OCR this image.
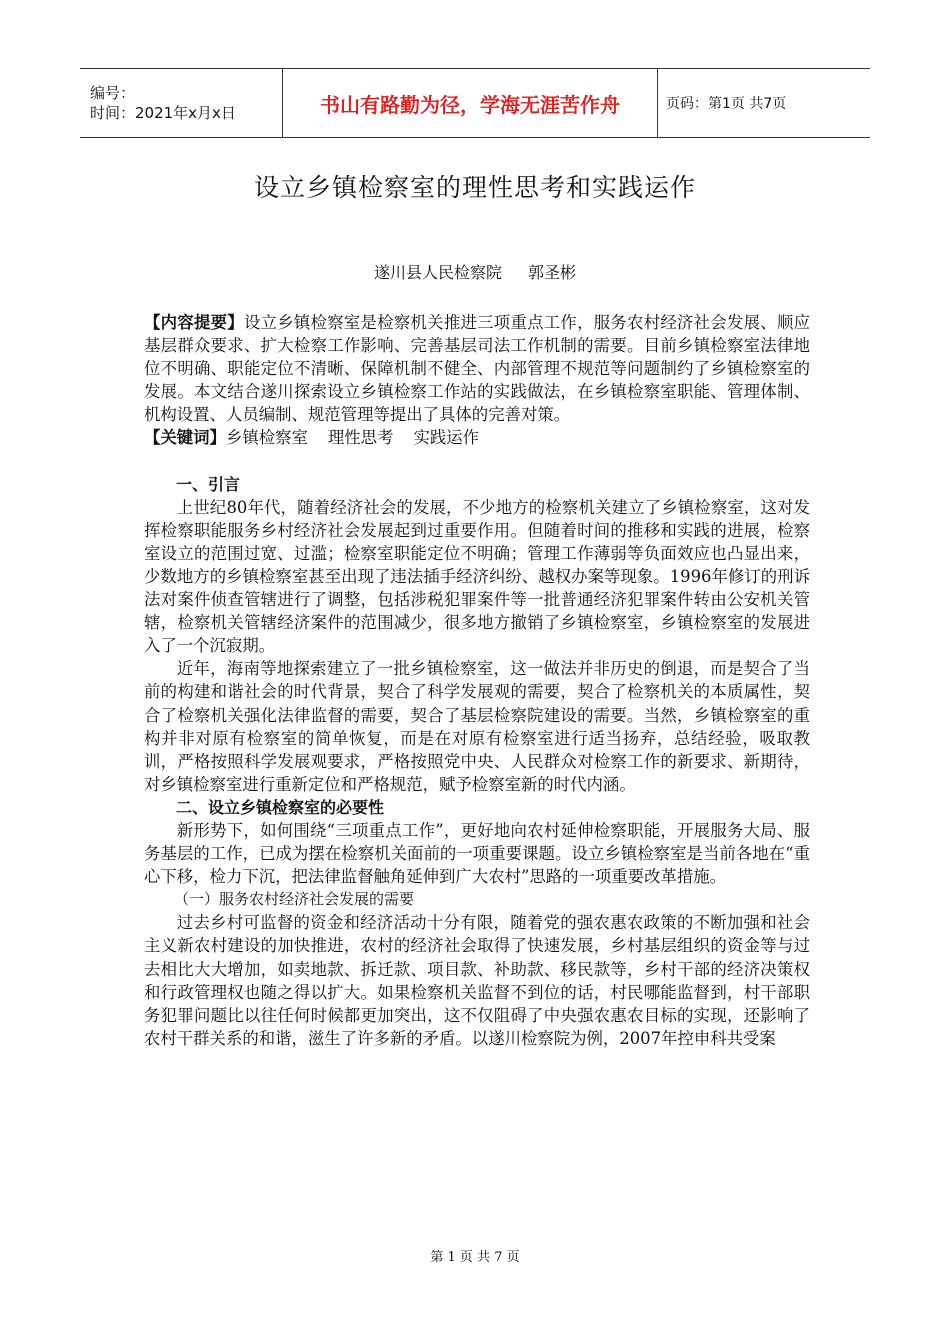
编号：
时间：2021年x月x日	书山有路勤为径，学海无涯苦作舟	页码：第1页 共7页
设立乡镇检察室的理性思考和实践运作
遂川县人民检察院 郭圣彬

【内容提要】设立乡镇检察室是检察机关推进三项重点工作，服务农村经济社会发展、顺应基层群众要求、扩大检察工作影响、完善基层司法工作机制的需要。目前乡镇检察室法律地位不明确、职能定位不清晰、保障机制不健全、内部管理不规范等问题制约了乡镇检察室的发展。本文结合遂川探索设立乡镇检察工作站的实践做法，在乡镇检察室职能、管理体制、机构设置、人员编制、规范管理等提出了具体的完善对策。

【关键词】乡镇检察室 理性思考 实践运作

一、引言

上世纪80年代，随着经济社会的发展，不少地方的检察机关建立了乡镇检察室，这对发挥检察职能服务乡村经济社会发展起到过重要作用。但随着时间的推移和实践的进展，检察室设立的范围过宽、过滥；检察室职能定位不明确；管理工作薄弱等负面效应也凸显出来，少数地方的乡镇检察室甚至出现了违法插手经济纠纷、越权办案等现象。1996年修订的刑诉法对案件侦查管辖进行了调整，包括涉税犯罪案件等一批普通经济犯罪案件转由公安机关管辖，检察机关管辖经济案件的范围减少，很多地方撤销了乡镇检察室，乡镇检察室的发展进入了一个沉寂期。

近年，海南等地探索建立了一批乡镇检察室，这一做法并非历史的倒退，而是契合了当前的构建和谐社会的时代背景，契合了科学发展观的需要，契合了检察机关的本质属性，契合了检察机关强化法律监督的需要，契合了基层检察院建设的需要。当然，乡镇检察室的重构并非对原有检察室的简单恢复，而是在对原有检察室进行适当扬弃，总结经验，吸取教训，严格按照科学发展观要求，严格按照党中央、人民群众对检察工作的新要求、新期待，对乡镇检察室进行重新定位和严格规范，赋予检察室新的时代内涵。

二、设立乡镇检察室的必要性

新形势下，如何围绕“三项重点工作”，更好地向农村延伸检察职能，开展服务大局、服务基层的工作，已成为摆在检察机关面前的一项重要课题。设立乡镇检察室是当前各地在“重心下移，检力下沉，把法律监督触角延伸到广大农村”思路的一项重要改革措施。

（一）服务农村经济社会发展的需要

过去乡村可监督的资金和经济活动十分有限，随着党的强农惠农政策的不断加强和社会主义新农村建设的加快推进，农村的经济社会取得了快速发展，乡村基层组织的资金等与过去相比大大增加，如卖地款、拆迁款、项目款、补助款、移民款等，乡村干部的经济决策权和行政管理权也随之得以扩大。如果检察机关监督不到位的话，村民哪能监督到，村干部职务犯罪问题比以往任何时候都更加突出，这不仅阻碍了中央强农惠农目标的实现，还影响了农村干群关系的和谐，滋生了许多新的矛盾。以遂川检察院为例，2007年控申科共受案

第 1 页 共 7 页
